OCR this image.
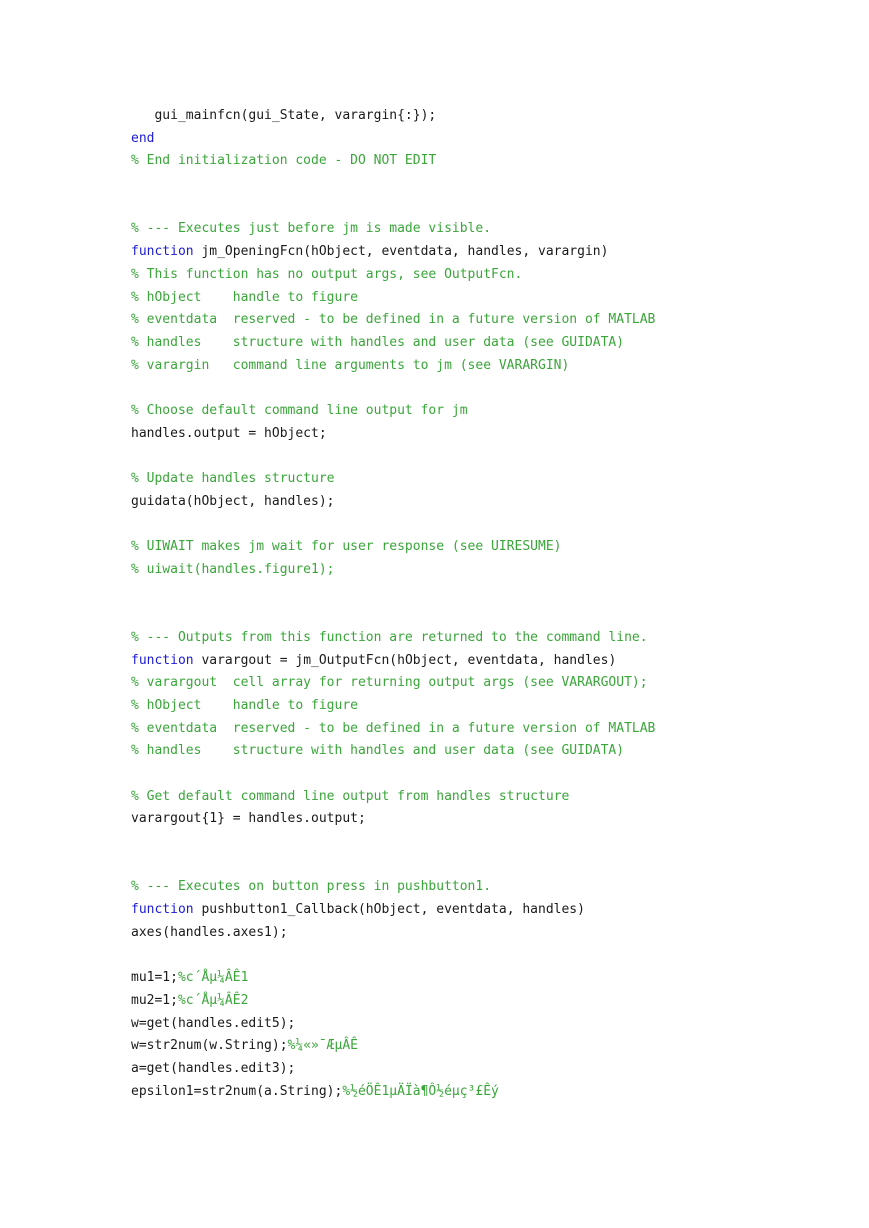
gui_mainfcn(gui_State, varargin{:});
end
% End initialization code - DO NOT EDIT
% --- Executes just before jm is made visible.
function jm_OpeningFcn(hObject, eventdata, handles, varargin)
% This function has no output args, see OutputFcn.
% hObject    handle to figure
% eventdata  reserved - to be defined in a future version of MATLAB
% handles    structure with handles and user data (see GUIDATA)
% varargin   command line arguments to jm (see VARARGIN)
% Choose default command line output for jm
handles.output = hObject;
% Update handles structure
guidata(hObject, handles);
% UIWAIT makes jm wait for user response (see UIRESUME)
% uiwait(handles.figure1);
% --- Outputs from this function are returned to the command line.
function varargout = jm_OutputFcn(hObject, eventdata, handles)
% varargout  cell array for returning output args (see VARARGOUT);
% hObject    handle to figure
% eventdata  reserved - to be defined in a future version of MATLAB
% handles    structure with handles and user data (see GUIDATA)
% Get default command line output from handles structure
varargout{1} = handles.output;
% --- Executes on button press in pushbutton1.
function pushbutton1_Callback(hObject, eventdata, handles)
axes(handles.axes1);
mu1=1;%c´Åµ¼ÂÊ1
mu2=1;%c´Åµ¼ÂÊ2
w=get(handles.edit5);
w=str2num(w.String);%¼«»¯ÆµÂÊ
a=get(handles.edit3);
epsilon1=str2num(a.String);%½éÖÊ1µÄÏà¶Ô½éµç³£Êý
